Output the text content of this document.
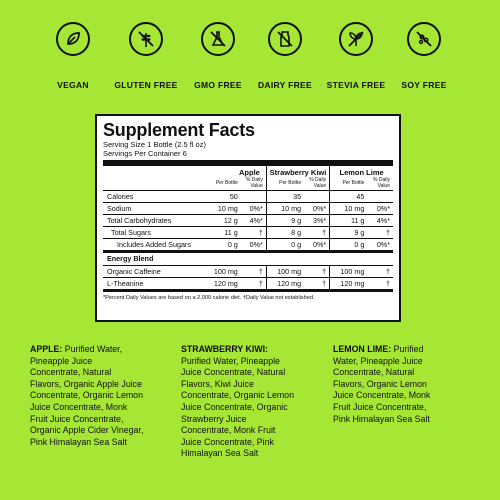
VEGAN	GLUTEN FREE	GMO FREE	DAIRY FREE	STEVIA FREE	SOY FREE
Supplement Facts
Serving Size 1 Bottle (2.5 fl oz)
Servings Per Container 6
	Apple		Strawberry Kiwi		Lemon Lime	
	Per Bottle	% Daily Value	Per Bottle	% Daily Value	Per Bottle	% Daily Value
Calories	50		35		45	
Sodium	10 mg	0%*	10 mg	0%*	10 mg	0%*
Total Carbohydrates	12 g	4%*	9 g	3%*	11 g	4%*
Total Sugars	11 g	†	8 g	†	9 g	†
Includes Added Sugars	0 g	0%*	0 g	0%*	0 g	0%*

Energy Blend						
Organic Caffeine	100 mg	†	100 mg	†	100 mg	†
L-Theanine	120 mg	†	120 mg	†	120 mg	†

*Percent Daily Values are based on a 2,000 calorie diet. †Daily Value not established.
APPLE: Purified Water,
Pineapple Juice
Concentrate, Natural
Flavors, Organic Apple Juice
Concentrate, Organic Lemon
Juice Concentrate, Monk
Fruit Juice Concentrate,
Organic Apple Cider Vinegar,
Pink Himalayan Sea Salt
STRAWBERRY KIWI:
Purified Water, Pineapple
Juice Concentrate, Natural
Flavors, Kiwi Juice
Concentrate, Organic Lemon
Juice Concentrate, Organic
Strawberry Juice
Concentrate, Monk Fruit
Juice Concentrate, Pink
Himalayan Sea Salt
LEMON LIME: Purified
Water, Pineapple Juice
Concentrate, Natural
Flavors, Organic Lemon
Juice Concentrate, Monk
Fruit Juice Concentrate,
Pink Himalayan Sea Salt
